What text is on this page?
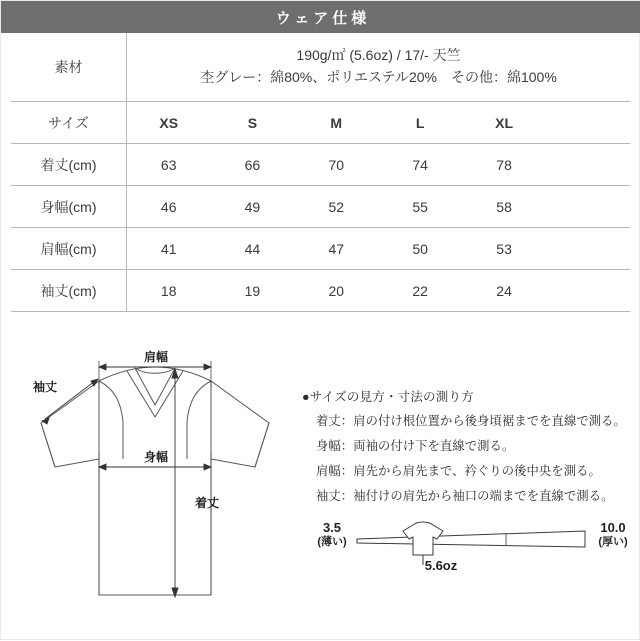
ウェア仕様
素材	190g/㎡ (5.6oz) / 17/- 天竺
杢グレー：綿80%、ポリエステル20%　その他：綿100%					

サイズ	XS	S	M	L	XL	
着丈(cm)	63	66	70	74	78	
身幅(cm)	46	49	52	55	58	
肩幅(cm)	41	44	47	50	53	
袖丈(cm)	18	19	20	22	24	
肩幅
袖丈
身幅
着丈

●サイズの見方・寸法の測り方

着丈：肩の付け根位置から後身頃裾までを直線で測る。

身幅：両袖の付け下を直線で測る。

肩幅：肩先から肩先まで、衿ぐりの後中央を測る。

袖丈：袖付けの肩先から袖口の端までを直線で測る。

3.5
(薄い)
10.0
(厚い)
5.6oz
